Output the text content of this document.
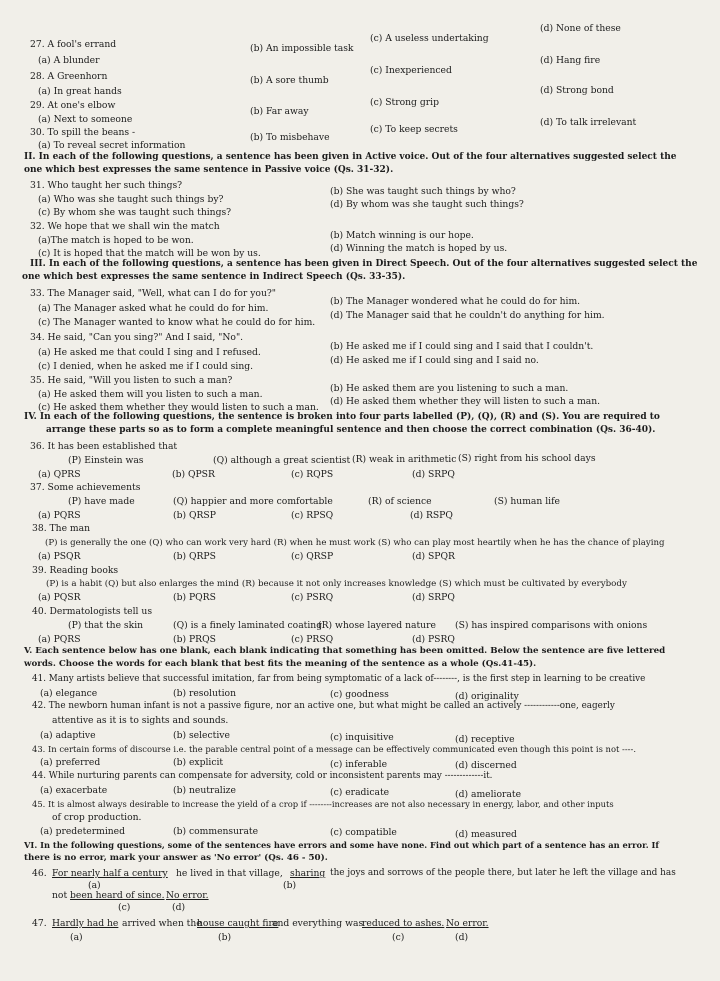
27. A fool's errand
(a) A blunder
(b) An impossible task
(c) A useless undertaking
(d) None of these
28. A Greenhorn
(a) In great hands
(b) A sore thumb
(c) Inexperienced
(d) Hang fire
29. At one's elbow
(a) Next to someone
(b) Far away
(c) Strong grip
(d) Strong bond
30. To spill the beans -
(a) To reveal secret information
(b) To misbehave
(c) To keep secrets
(d) To talk irrelevant
II. In each of the following questions, a sentence has been given in Active voice. Out of the four alternatives suggested select the
one which best expresses the same sentence in Passive voice (Qs. 31-32).
31. Who taught her such things?
(a) Who was she taught such things by?
(b) She was taught such things by who?
(c) By whom she was taught such things?
(d) By whom was she taught such things?
32. We hope that we shall win the match
(a)The match is hoped to be won.	(b) Match winning is our hope.
(c) It is hoped that the match will be won by us.	(d) Winning the match is hoped by us.
III. In each of the following questions, a sentence has been given in Direct Speech. Out of the four alternatives suggested select the
one which best expresses the same sentence in Indirect Speech (Qs. 33-35).
33. The Manager said, "Well, what can I do for you?"
(a) The Manager asked what he could do for him.
(b) The Manager wondered what he could do for him.
(c) The Manager wanted to know what he could do for him.
(d) The Manager said that he couldn't do anything for him.
34. He said, "Can you sing?" And I said, "No".
(a) He asked me that could I sing and I refused.
(b) He asked me if I could sing and I said that I couldn't.
(c) I denied, when he asked me if I could sing.
(d) He asked me if I could sing and I said no.
35. He said, "Will you listen to such a man?
(a) He asked them will you listen to such a man.
(b) He asked them are you listening to such a man.
(c) He asked them whether they would listen to such a man.
(d) He asked them whether they will listen to such a man.
IV. In each of the following questions, the sentence is broken into four parts labelled (P), (Q), (R) and (S). You are required to
arrange these parts so as to form a complete meaningful sentence and then choose the correct combination (Qs. 36-40).
36. It has been established that
(P) Einstein was	(Q) although a great scientist (R) weak in arithmetic (S) right from his school days
(a) QPRS	(b) QPSR	(c) RQPS	(d) SRPQ
37. Some achievements
(P) have made	(Q) happier and more comfortable	(R) of science	(S) human life
(a) PQRS	(b) QRSP	(c) RPSQ	(d) RSPQ
38. The man
(P) is generally the one (Q) who can work very hard (R) when he must work (S) who can play most heartily when he has the chance of playing
(a) PSQR	(b) QRPS	(c) QRSP	(d) SPQR
39. Reading books
(P) is a habit (Q) but also enlarges the mind (R) because it not only increases knowledge (S) which must be cultivated by everybody
(a) PQSR	(b) PQRS	(c) PSRQ	(d) SRPQ
40. Dermatologists tell us
(P) that the skin	(Q) is a finely laminated coating
(R) whose layered nature (S) has inspired comparisons with onions
(a) PQRS	(b) PRQS	(c) PRSQ	(d) PSRQ
V. Each sentence below has one blank, each blank indicating that something has been omitted. Below the sentence are five lettered
words. Choose the words for each blank that best fits the meaning of the sentence as a whole (Qs.41-45).
41. Many artists believe that successful imitation, far from being symptomatic of a lack of--------, is the first step in learning to be creative
(a) elegance	(b) resolution	(c) goodness	(d) originality
42. The newborn human infant is not a passive figure, nor an active one, but what might be called an actively ------------one, eagerly
attentive as it is to sights and sounds.
(a) adaptive	(b) selective	(c) inquisitive	(d) receptive
43. In certain forms of discourse i.e. the parable central point of a message can be effectively communicated even though this point is not ----.
(a) preferred	(b) explicit	(c) inferable	(d) discerned
44. While nurturing parents can compensate for adversity, cold or inconsistent parents may -------------it.
(a) exacerbate	(b) neutralize	(c) eradicate	(d) ameliorate
45. It is almost always desirable to increase the yield of a crop if --------increases are not also necessary in energy, labor, and other inputs
of crop production.
(a) predetermined	(b) commensurate	(c) compatible	(d) measured
VI. In the following questions, some of the sentences have errors and some have none. Find out which part of a sentence has an error. If
there is no error, mark your answer as 'No error' (Qs. 46 - 50).
46. For nearly half a century he lived in that village, sharing the joys and sorrows of the people there, but later he left the village and has
(a)	(b)
not been heard of since. No error.
(c)	(d)
47. Hardly had he arrived when the
house caught fire
and everything was
reduced to ashes. No error.
(a)	(b)	(c)	(d)
